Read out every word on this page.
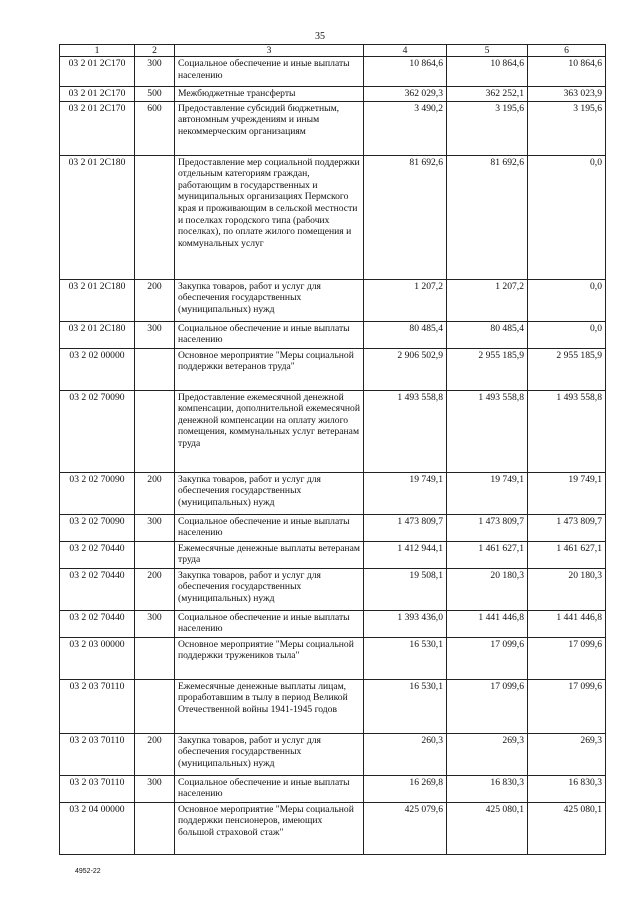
35
1	2	3	4	5	6
03 2 01 2С170	300	Социальное обеспечение и иные выплаты населению	10 864,6	10 864,6	10 864,6
03 2 01 2С170	500	Межбюджетные трансферты	362 029,3	362 252,1	363 023,9
03 2 01 2С170	600	Предоставление субсидий бюджетным, автономным учреждениям и иным некоммерческим организациям	3 490,2	3 195,6	3 195,6
03 2 01 2С180		Предоставление мер социальной поддержки отдельным категориям граждан, работающим в государственных и муниципальных организациях Пермского края и проживающим в сельской местности и поселках городского типа (рабочих поселках), по оплате жилого помещения и коммунальных услуг	81 692,6	81 692,6	0,0
03 2 01 2С180	200	Закупка товаров, работ и услуг для обеспечения государственных (муниципальных) нужд	1 207,2	1 207,2	0,0
03 2 01 2С180	300	Социальное обеспечение и иные выплаты населению	80 485,4	80 485,4	0,0
03 2 02 00000		Основное мероприятие "Меры социальной поддержки ветеранов труда"	2 906 502,9	2 955 185,9	2 955 185,9
03 2 02 70090		Предоставление ежемесячной денежной компенсации, дополнительной ежемесячной денежной компенсации на оплату жилого помещения, коммунальных услуг ветеранам труда	1 493 558,8	1 493 558,8	1 493 558,8
03 2 02 70090	200	Закупка товаров, работ и услуг для обеспечения государственных (муниципальных) нужд	19 749,1	19 749,1	19 749,1
03 2 02 70090	300	Социальное обеспечение и иные выплаты населению	1 473 809,7	1 473 809,7	1 473 809,7
03 2 02 70440		Ежемесячные денежные выплаты ветеранам труда	1 412 944,1	1 461 627,1	1 461 627,1
03 2 02 70440	200	Закупка товаров, работ и услуг для обеспечения государственных (муниципальных) нужд	19 508,1	20 180,3	20 180,3
03 2 02 70440	300	Социальное обеспечение и иные выплаты населению	1 393 436,0	1 441 446,8	1 441 446,8
03 2 03 00000		Основное мероприятие "Меры социальной поддержки тружеников тыла"	16 530,1	17 099,6	17 099,6
03 2 03 70110		Ежемесячные денежные выплаты лицам, проработавшим в тылу в период Великой Отечественной войны 1941-1945 годов	16 530,1	17 099,6	17 099,6
03 2 03 70110	200	Закупка товаров, работ и услуг для обеспечения государственных (муниципальных) нужд	260,3	269,3	269,3
03 2 03 70110	300	Социальное обеспечение и иные выплаты населению	16 269,8	16 830,3	16 830,3
03 2 04 00000		Основное мероприятие "Меры социальной поддержки пенсионеров, имеющих большой страховой стаж"	425 079,6	425 080,1	425 080,1
4952-22
